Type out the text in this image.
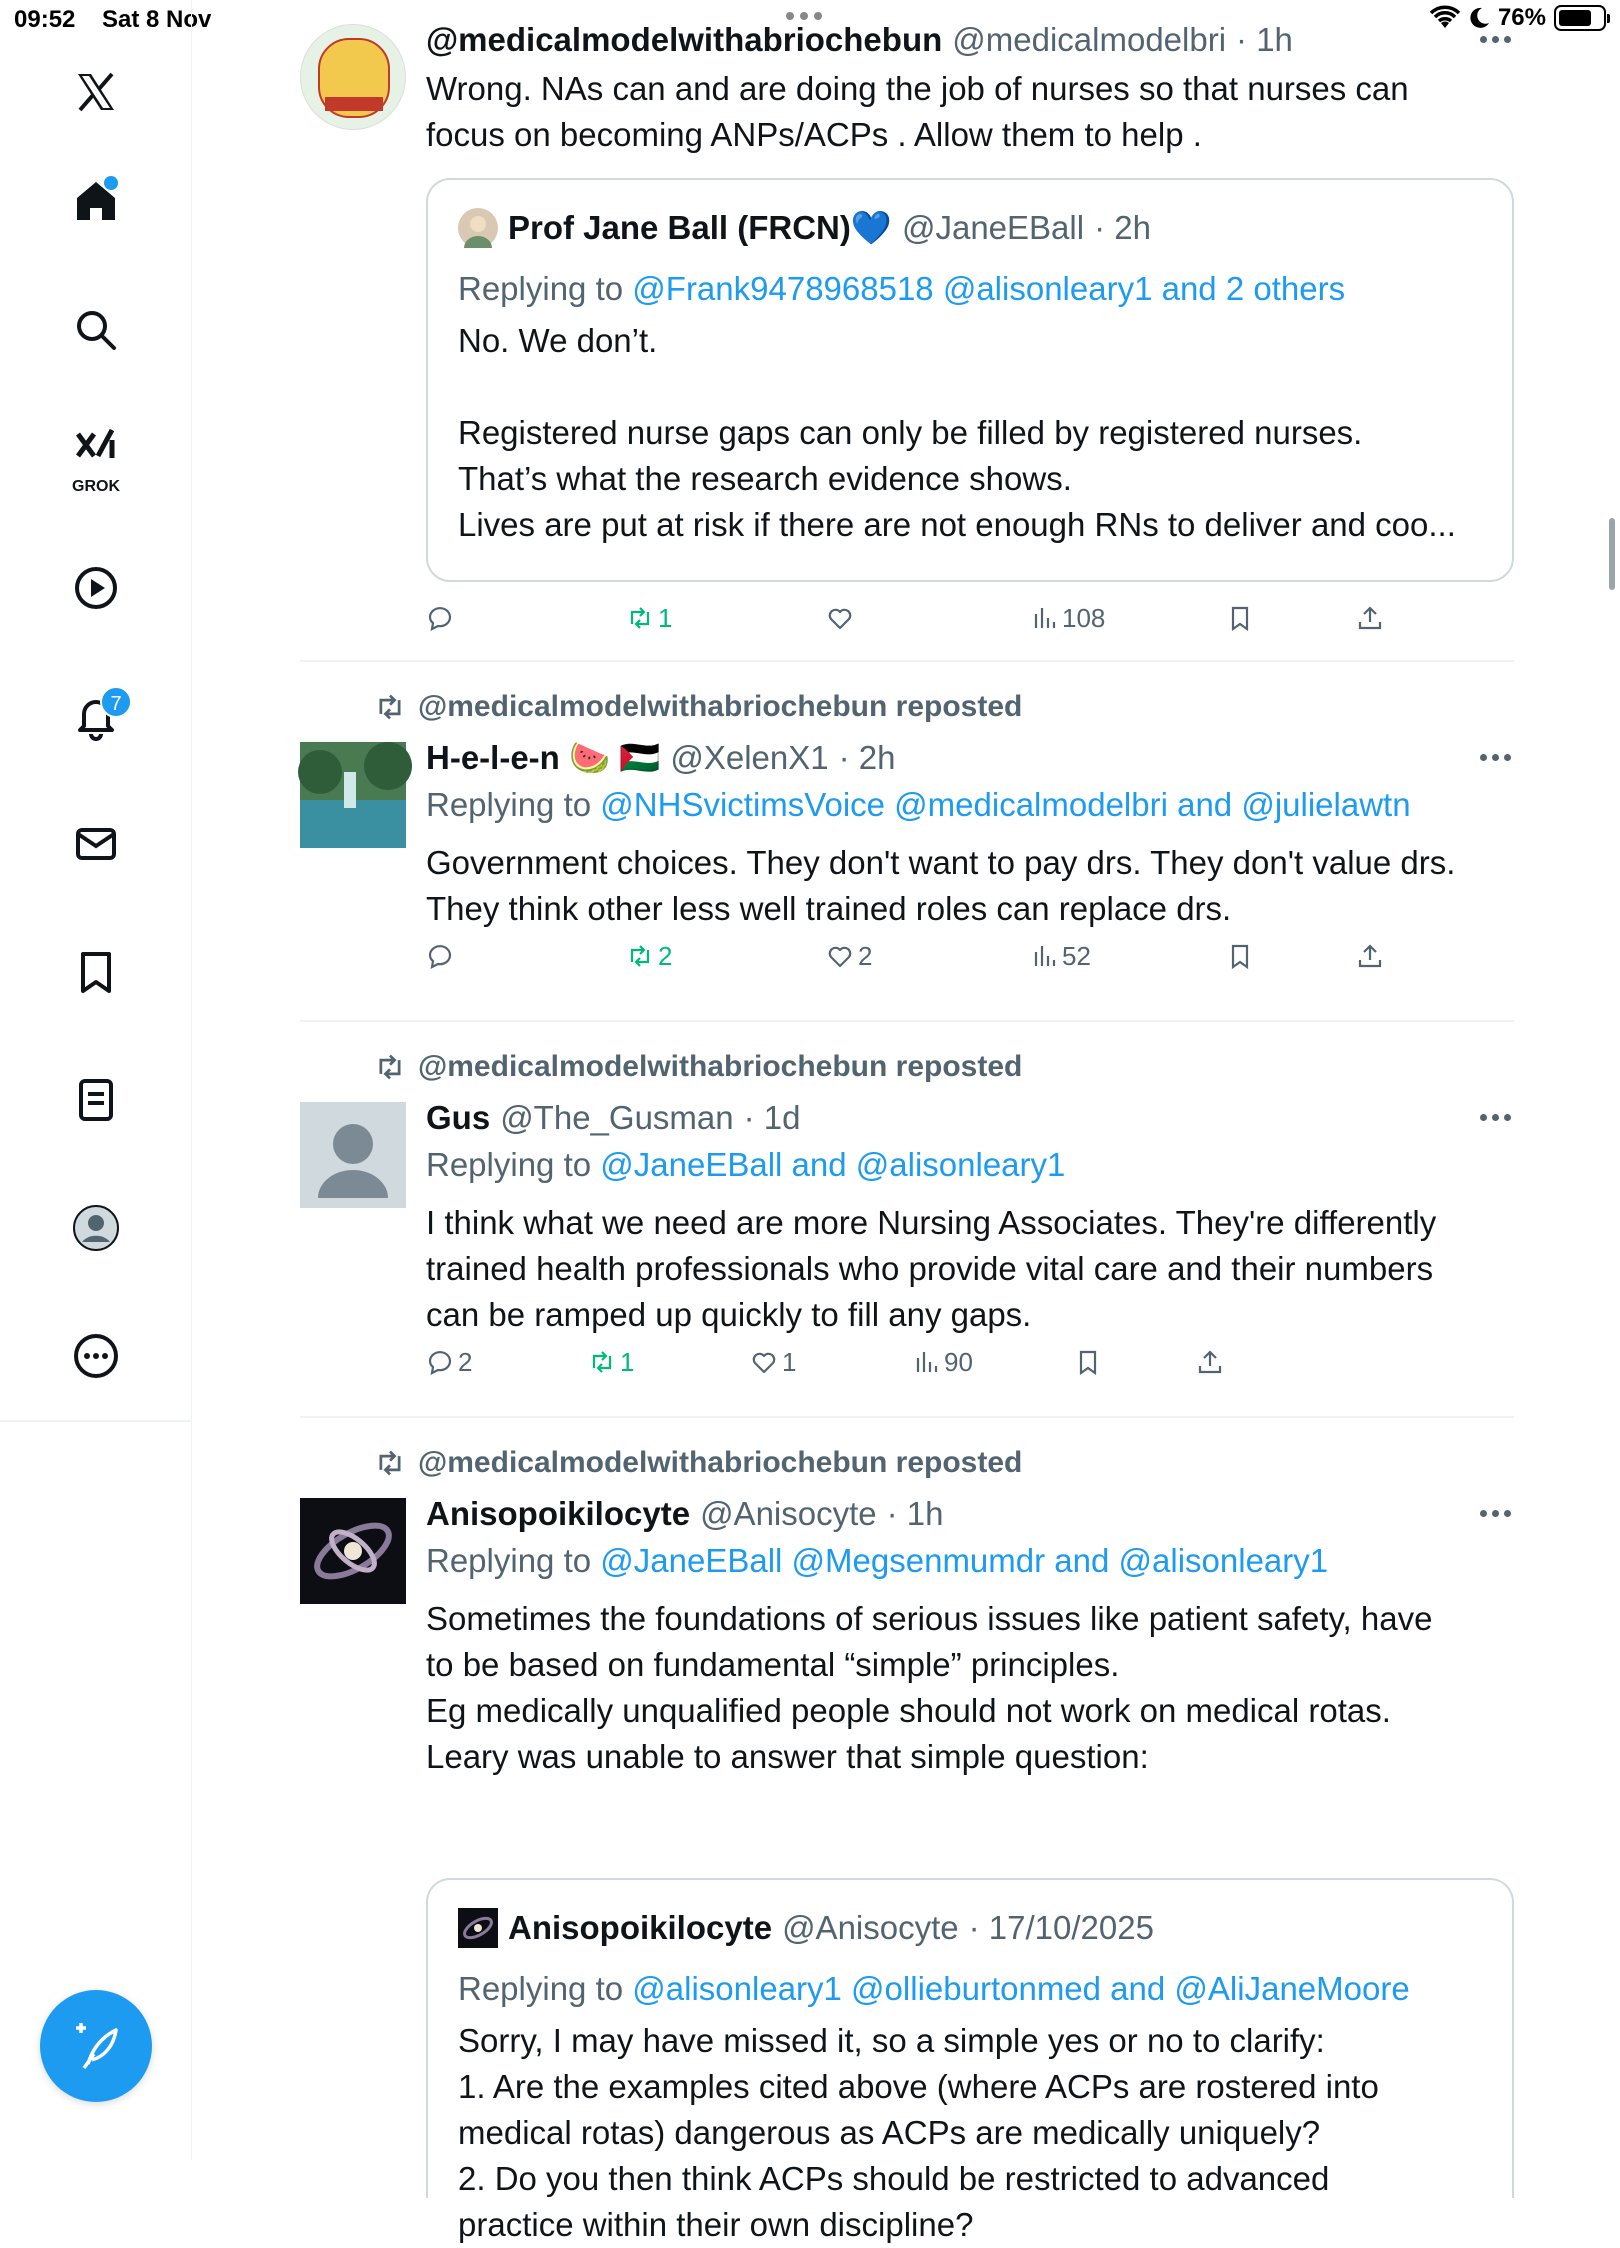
09:52 Sat 8 Nov	76%
GROK
7
@medicalmodelwithabriochebun @medicalmodelbri · 1h
Wrong. NAs can and are doing the job of nurses so that nurses can
focus on becoming ANPs/ACPs . Allow them to help .
Prof Jane Ball (FRCN)💙 @JaneEBall · 2h
Replying to @Frank9478968518 @alisonleary1 and 2 others
No. We don’t.

Registered nurse gaps can only be filled by registered nurses.
That’s what the research evidence shows.
Lives are put at risk if there are not enough RNs to deliver and coo...
1	108
@medicalmodelwithabriochebun reposted
H-e-l-e-n 🍉 🇵🇸 @XelenX1 · 2h
Replying to @NHSvictimsVoice @medicalmodelbri and @julielawtn
Government choices. They don't want to pay drs. They don't value drs.
They think other less well trained roles can replace drs.
2	2	52
@medicalmodelwithabriochebun reposted
Gus @The_Gusman · 1d
Replying to @JaneEBall and @alisonleary1
I think what we need are more Nursing Associates. They're differently
trained health professionals who provide vital care and their numbers
can be ramped up quickly to fill any gaps.
2	1	1	90
@medicalmodelwithabriochebun reposted
Anisopoikilocyte @Anisocyte · 1h
Replying to @JaneEBall @Megsenmumdr and @alisonleary1
Sometimes the foundations of serious issues like patient safety, have
to be based on fundamental “simple” principles.
Eg medically unqualified people should not work on medical rotas.
Leary was unable to answer that simple question:
Anisopoikilocyte @Anisocyte · 17/10/2025
Replying to @alisonleary1 @ollieburtonmed and @AliJaneMoore
Sorry, I may have missed it, so a simple yes or no to clarify:
1. Are the examples cited above (where ACPs are rostered into
medical rotas) dangerous as ACPs are medically uniquely?
2. Do you then think ACPs should be restricted to advanced
practice within their own discipline?
